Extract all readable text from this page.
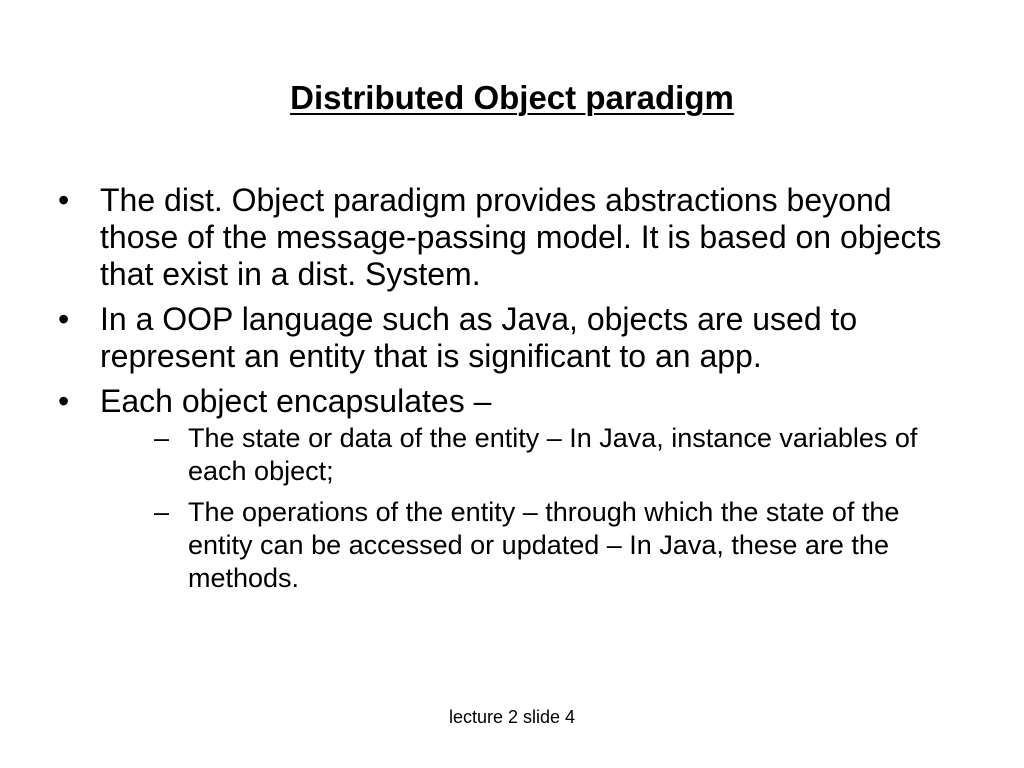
Distributed Object paradigm
• The dist. Object paradigm provides abstractions beyond those of the message-passing model. It is based on objects that exist in a dist. System.
• In a OOP language such as Java, objects are used to represent an entity that is significant to an app.
• Each object encapsulates –
– The state or data of the entity – In Java, instance variables of each object;
– The operations of the entity – through which the state of the entity can be accessed or updated – In Java, these are the methods.
lecture 2 slide 4
